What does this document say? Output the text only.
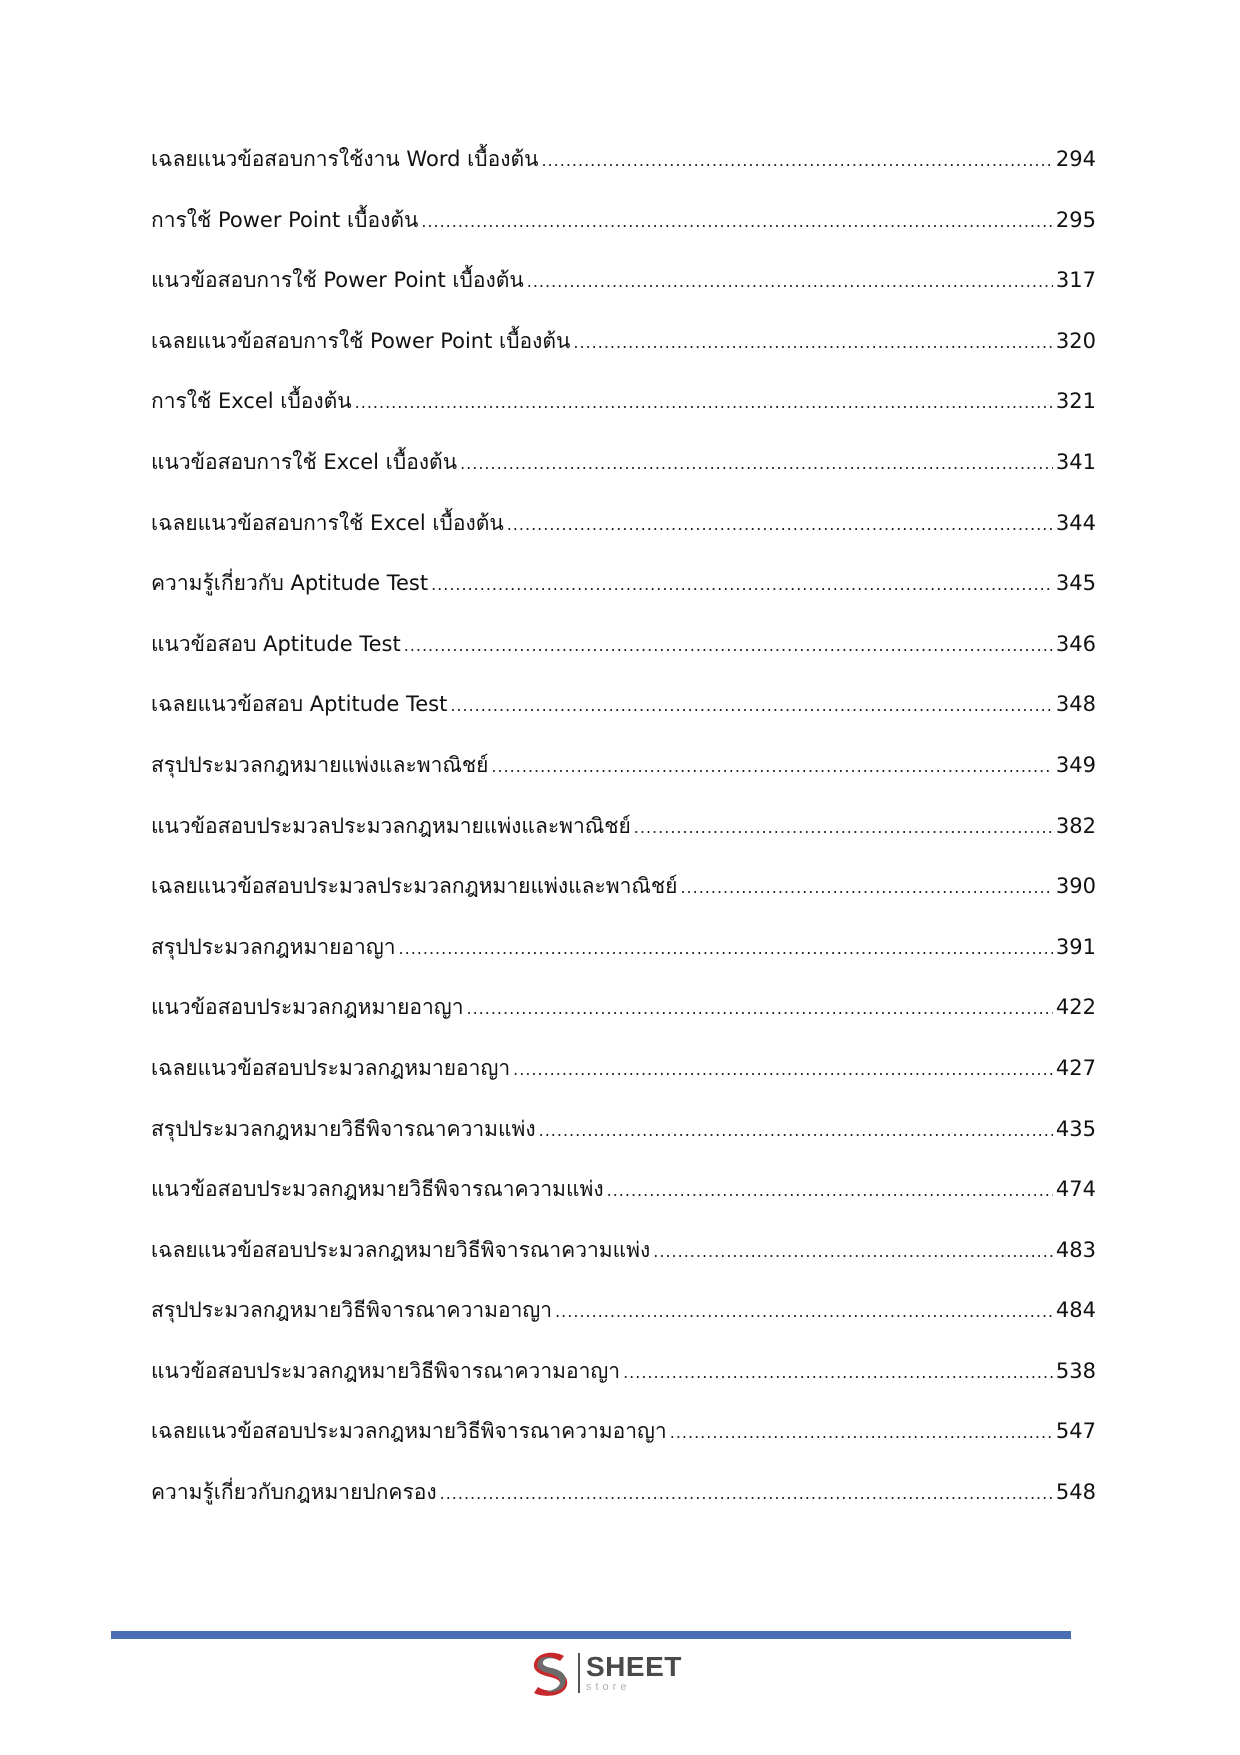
เฉลยแนวข้อสอบการใช้งาน Word เบื้องต้น .....	294
การใช้ Power Point เบื้องต้น .....	295
แนวข้อสอบการใช้ Power Point เบื้องต้น .....	317
เฉลยแนวข้อสอบการใช้ Power Point เบื้องต้น .....	320
การใช้ Excel เบื้องต้น .....	321
แนวข้อสอบการใช้ Excel เบื้องต้น .....	341
เฉลยแนวข้อสอบการใช้ Excel เบื้องต้น .....	344
ความรู้เกี่ยวกับ Aptitude Test .....	345
แนวข้อสอบ Aptitude Test .....	346
เฉลยแนวข้อสอบ Aptitude Test .....	348
สรุปประมวลกฎหมายแพ่งและพาณิชย์ .....	349
แนวข้อสอบประมวลประมวลกฎหมายแพ่งและพาณิชย์ .....	382
เฉลยแนวข้อสอบประมวลประมวลกฎหมายแพ่งและพาณิชย์ .....	390
สรุปประมวลกฎหมายอาญา .....	391
แนวข้อสอบประมวลกฎหมายอาญา .....	422
เฉลยแนวข้อสอบประมวลกฎหมายอาญา .....	427
สรุปประมวลกฎหมายวิธีพิจารณาความแพ่ง .....	435
แนวข้อสอบประมวลกฎหมายวิธีพิจารณาความแพ่ง .....	474
เฉลยแนวข้อสอบประมวลกฎหมายวิธีพิจารณาความแพ่ง .....	483
สรุปประมวลกฎหมายวิธีพิจารณาความอาญา .....	484
แนวข้อสอบประมวลกฎหมายวิธีพิจารณาความอาญา .....	538
เฉลยแนวข้อสอบประมวลกฎหมายวิธีพิจารณาความอาญา .....	547
ความรู้เกี่ยวกับกฎหมายปกครอง .....	548
SHEET
store
